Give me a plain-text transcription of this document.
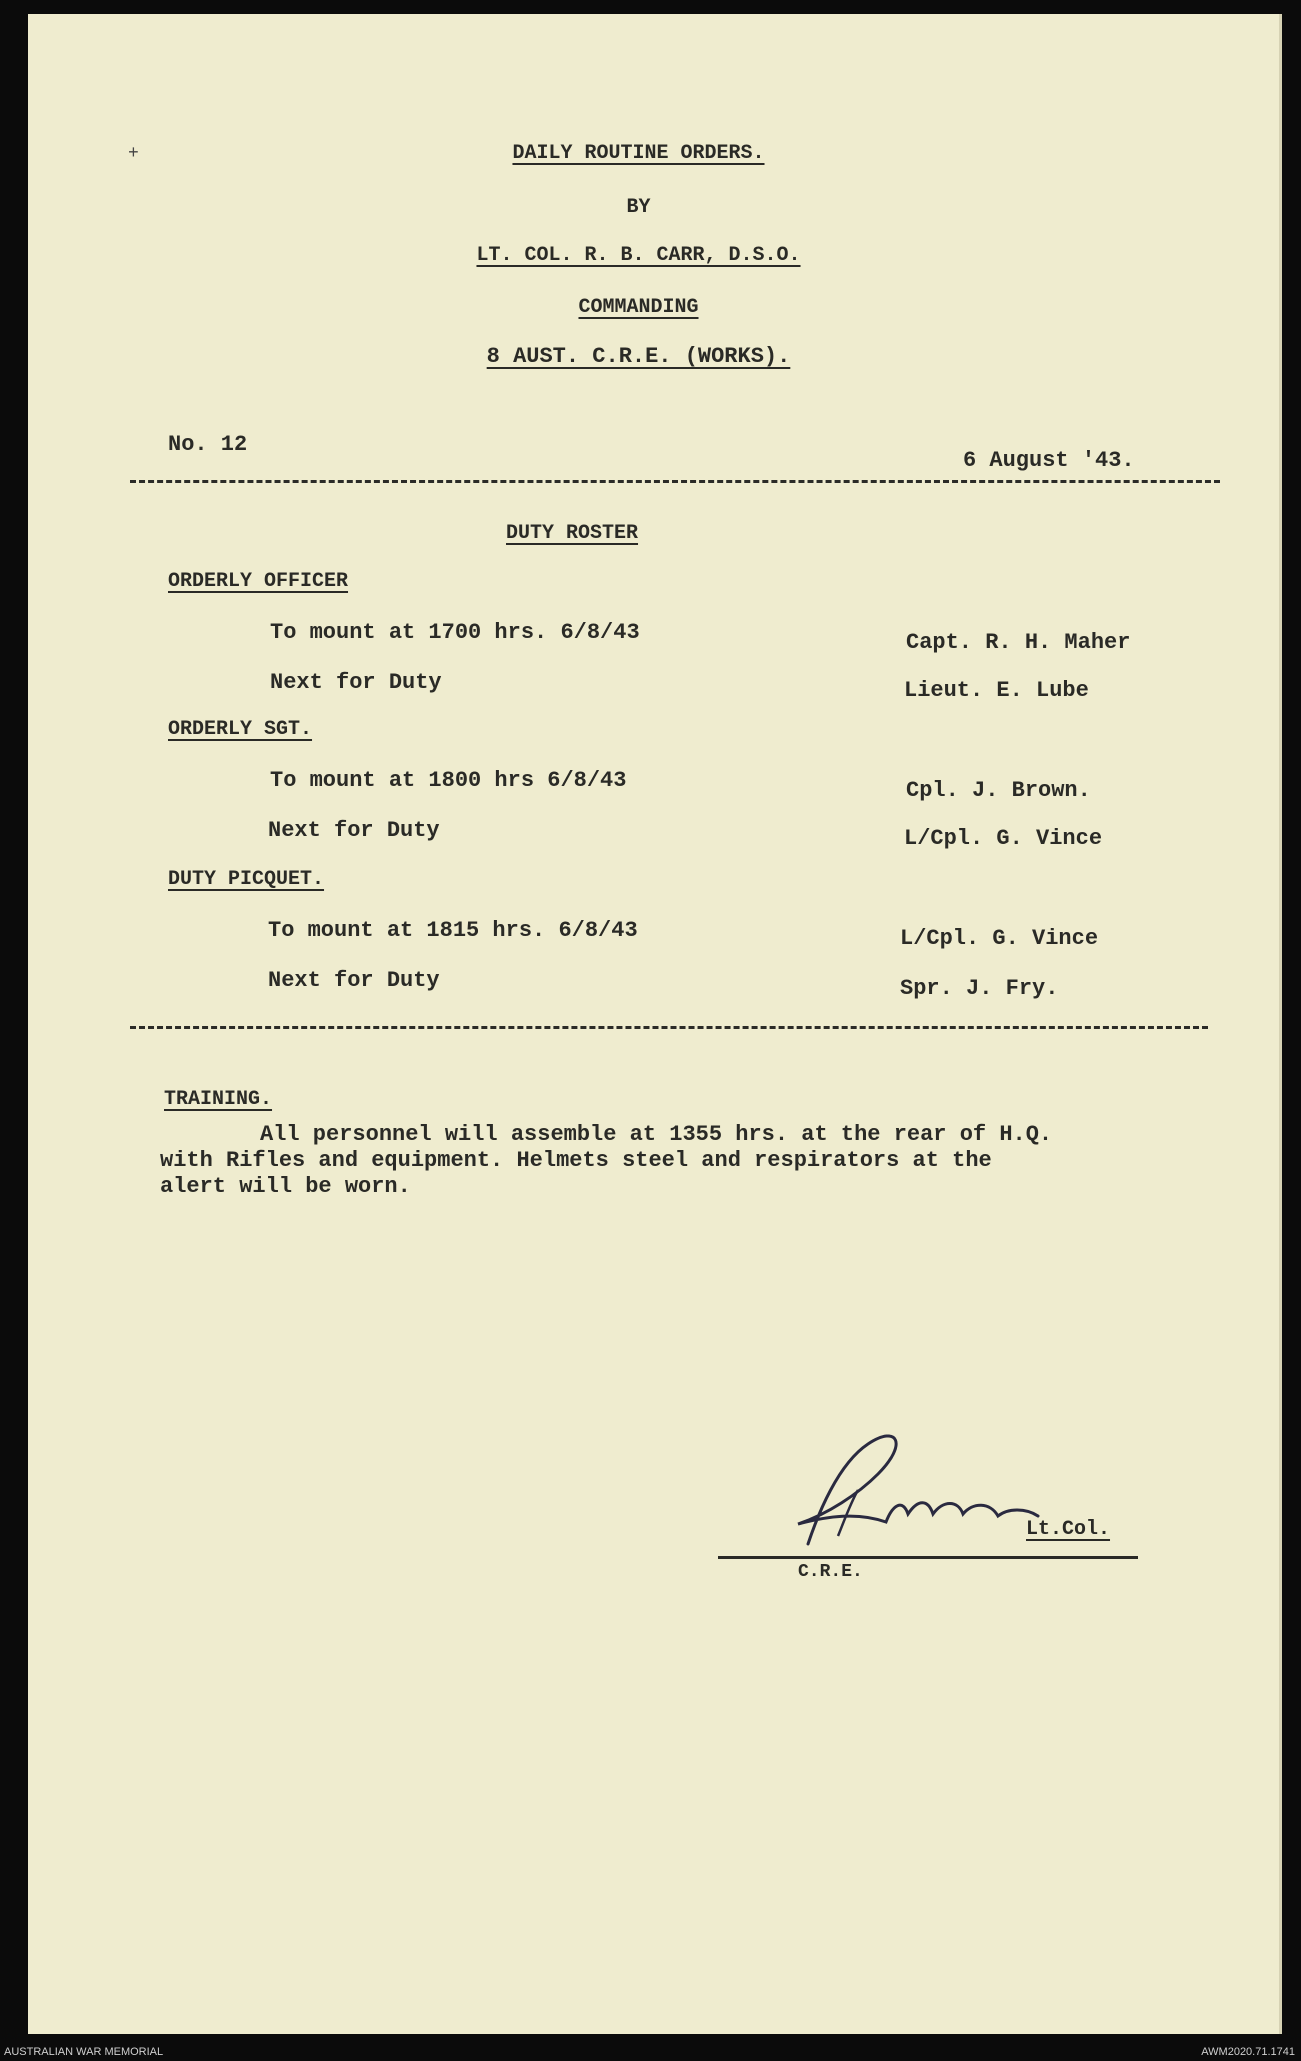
+	DAILY ROUTINE ORDERS.
BY
LT. COL. R. B. CARR, D.S.O.
COMMANDING
8 AUST. C.R.E. (WORKS).
No. 12
6 August '43.
DUTY ROSTER
ORDERLY OFFICER
To mount at 1700 hrs. 6/8/43	Capt. R. H. Maher
Next for Duty	Lieut. E. Lube
ORDERLY SGT.
To mount at 1800 hrs 6/8/43	Cpl. J. Brown.
Next for Duty	L/Cpl. G. Vince
DUTY PICQUET.
To mount at 1815 hrs. 6/8/43	L/Cpl. G. Vince
Next for Duty	Spr. J. Fry.
TRAINING.
All personnel will assemble at 1355 hrs. at the rear of H.Q.
with Rifles and equipment. Helmets steel and respirators at the
alert will be worn.
Lt.Col.
C.R.E.
AUSTRALIAN WAR MEMORIAL	AWM2020.71.1741
